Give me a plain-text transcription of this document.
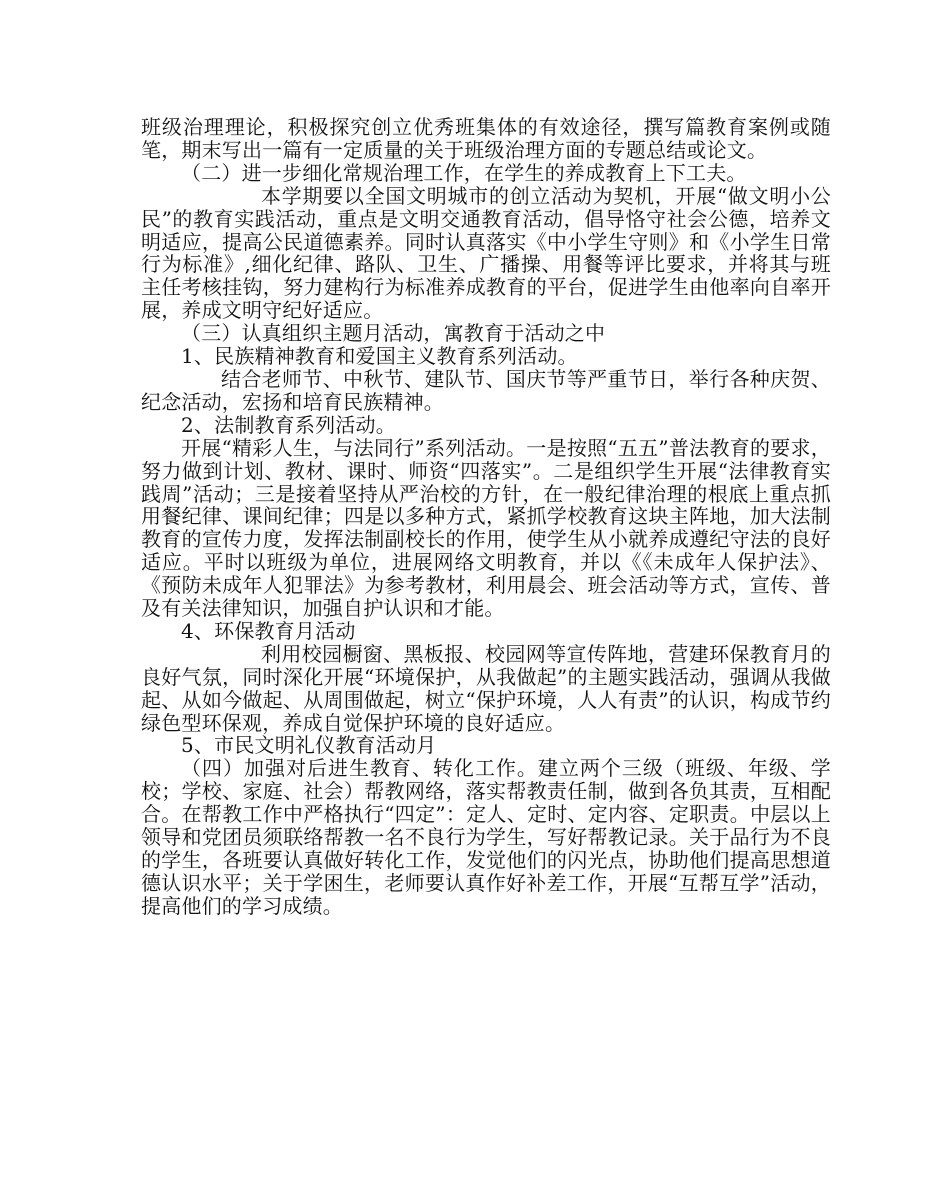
班级治理理论，积极探究创立优秀班集体的有效途径，撰写篇教育案例或随笔，期末写出一篇有一定质量的关于班级治理方面的专题总结或论文。

（二）进一步细化常规治理工作，在学生的养成教育上下工夫。

本学期要以全国文明城市的创立活动为契机，开展“做文明小公民”的教育实践活动，重点是文明交通教育活动，倡导恪守社会公德，培养文明适应，提高公民道德素养。同时认真落实《中小学生守则》和《小学生日常行为标准》,细化纪律、路队、卫生、广播操、用餐等评比要求，并将其与班主任考核挂钩，努力建构行为标准养成教育的平台，促进学生由他率向自率开展，养成文明守纪好适应。

（三）认真组织主题月活动，寓教育于活动之中

1、民族精神教育和爱国主义教育系列活动。

结合老师节、中秋节、建队节、国庆节等严重节日，举行各种庆贺、纪念活动，宏扬和培育民族精神。

2、法制教育系列活动。

开展“精彩人生，与法同行”系列活动。一是按照“五五”普法教育的要求，努力做到计划、教材、课时、师资“四落实”。二是组织学生开展“法律教育实践周”活动；三是接着坚持从严治校的方针，在一般纪律治理的根底上重点抓用餐纪律、课间纪律；四是以多种方式，紧抓学校教育这块主阵地，加大法制教育的宣传力度，发挥法制副校长的作用，使学生从小就养成遵纪守法的良好适应。平时以班级为单位，进展网络文明教育，并以《《未成年人保护法》、《预防未成年人犯罪法》为参考教材，利用晨会、班会活动等方式，宣传、普及有关法律知识，加强自护认识和才能。

4、环保教育月活动

利用校园橱窗、黑板报、校园网等宣传阵地，营建环保教育月的良好气氛，同时深化开展“环境保护，从我做起”的主题实践活动，强调从我做起、从如今做起、从周围做起，树立“保护环境，人人有责”的认识，构成节约绿色型环保观，养成自觉保护环境的良好适应。

5、市民文明礼仪教育活动月

（四）加强对后进生教育、转化工作。建立两个三级（班级、年级、学校；学校、家庭、社会）帮教网络，落实帮教责任制，做到各负其责，互相配合。在帮教工作中严格执行“四定”：定人、定时、定内容、定职责。中层以上领导和党团员须联络帮教一名不良行为学生，写好帮教记录。关于品行为不良的学生，各班要认真做好转化工作，发觉他们的闪光点，协助他们提高思想道德认识水平；关于学困生，老师要认真作好补差工作，开展“互帮互学”活动，提高他们的学习成绩。
